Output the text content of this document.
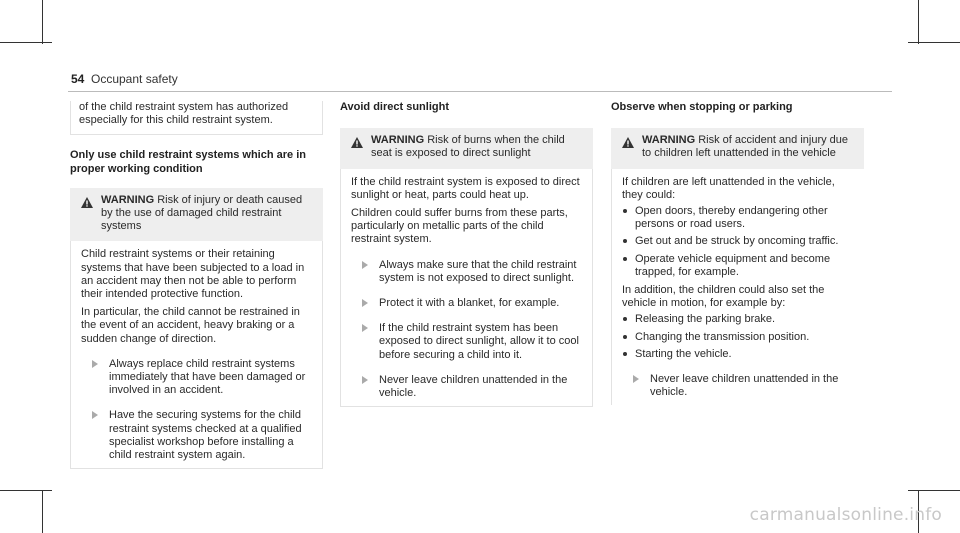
54 Occupant safety

of the child restraint system has authorized especially for this child restraint system.

Only use child restraint systems which are in proper working condition
WARNING Risk of injury or death caused by the use of damaged child restraint systems

Child restraint systems or their retaining systems that have been subjected to a load in an accident may then not be able to perform their intended protective function.

In particular, the child cannot be restrained in the event of an accident, heavy braking or a sudden change of direction.

Always replace child restraint systems immediately that have been damaged or involved in an accident.
Have the securing systems for the child restraint systems checked at a qualified specialist workshop before installing a child restraint system again.
Avoid direct sunlight
WARNING Risk of burns when the child seat is exposed to direct sunlight

If the child restraint system is exposed to direct sunlight or heat, parts could heat up.

Children could suffer burns from these parts, particularly on metallic parts of the child restraint system.

Always make sure that the child restraint system is not exposed to direct sunlight.
Protect it with a blanket, for example.
If the child restraint system has been exposed to direct sunlight, allow it to cool before securing a child into it.
Never leave children unattended in the vehicle.
Observe when stopping or parking
WARNING Risk of accident and injury due to children left unattended in the vehicle

If children are left unattended in the vehicle, they could:

Open doors, thereby endangering other persons or road users.
Get out and be struck by oncoming traffic.
Operate vehicle equipment and become trapped, for example.

In addition, the children could also set the vehicle in motion, for example by:

Releasing the parking brake.
Changing the transmission position.
Starting the vehicle.
Never leave children unattended in the vehicle.
carmanualsonline.info
